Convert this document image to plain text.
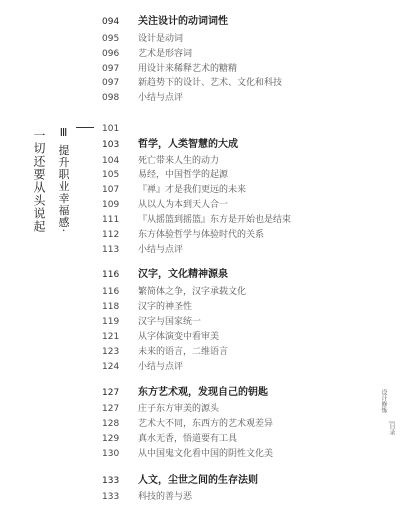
一切还要从头说起 Ⅲ 提升职业幸福感·
设计修炼
|目录
094	关注设计的动词词性
095	设计是动词
096	艺术是形容词
097	用设计来稀释艺术的糖精
097	新趋势下的设计、艺术、文化和科技
098	小结与点评
101
103	哲学，人类智慧的大成
104	死亡带来人生的动力
105	易经，中国哲学的起源
107	『禅』才是我们更远的未来
109	从以人为本到天人合一
111	『从摇篮到摇篮』东方是开始也是结束
112	东方体验哲学与体验时代的关系
113	小结与点评
116	汉字，文化精神源泉
116	繁简体之争，汉字承载文化
118	汉字的神圣性
119	汉字与国家统一
121	从字体演变中看审美
123	未来的语言，二维语言
124	小结与点评
127	东方艺术观，发现自己的钥匙
127	庄子东方审美的源头
128	艺术大不同，东西方的艺术观差异
129	真水无香，悟道要有工具
130	从中国鬼文化看中国的阴性文化美
133	人文，尘世之间的生存法则
133	科技的善与恶
